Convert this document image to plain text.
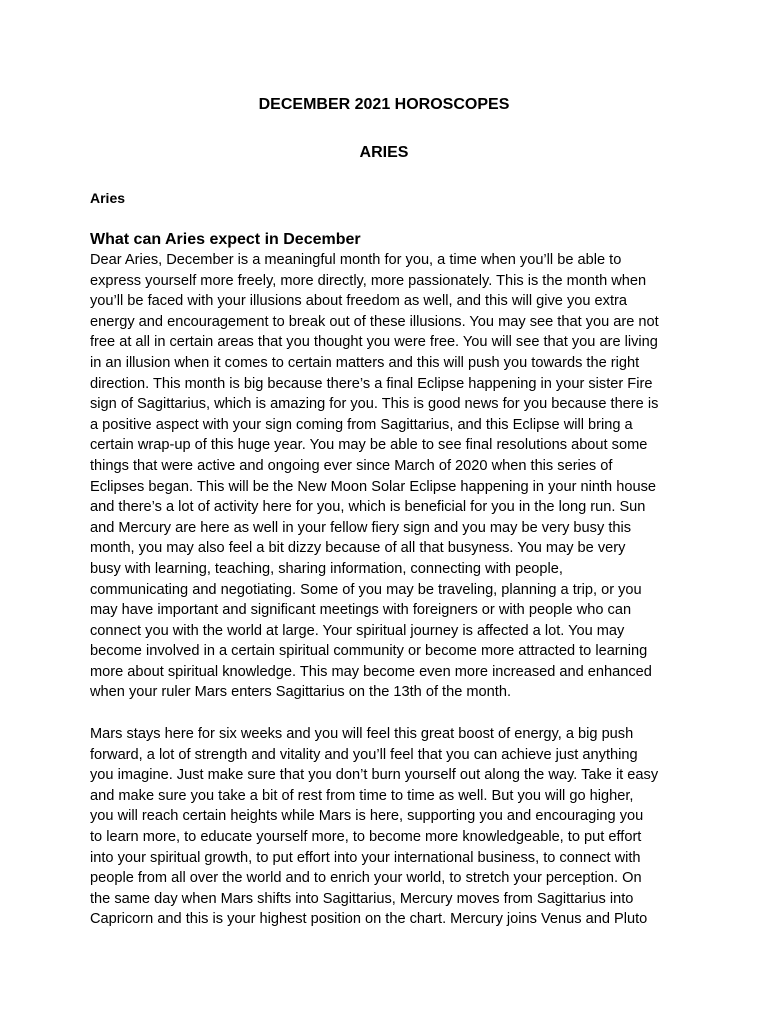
DECEMBER 2021 HOROSCOPES
ARIES
Aries
What can Aries expect in December
Dear Aries, December is a meaningful month for you, a time when you’ll be able to
express yourself more freely, more directly, more passionately. This is the month when
you’ll be faced with your illusions about freedom as well, and this will give you extra
energy and encouragement to break out of these illusions. You may see that you are not
free at all in certain areas that you thought you were free. You will see that you are living
in an illusion when it comes to certain matters and this will push you towards the right
direction. This month is big because there’s a final Eclipse happening in your sister Fire
sign of Sagittarius, which is amazing for you. This is good news for you because there is
a positive aspect with your sign coming from Sagittarius, and this Eclipse will bring a
certain wrap-up of this huge year. You may be able to see final resolutions about some
things that were active and ongoing ever since March of 2020 when this series of
Eclipses began. This will be the New Moon Solar Eclipse happening in your ninth house
and there’s a lot of activity here for you, which is beneficial for you in the long run. Sun
and Mercury are here as well in your fellow fiery sign and you may be very busy this
month, you may also feel a bit dizzy because of all that busyness. You may be very
busy with learning, teaching, sharing information, connecting with people,
communicating and negotiating. Some of you may be traveling, planning a trip, or you
may have important and significant meetings with foreigners or with people who can
connect you with the world at large. Your spiritual journey is affected a lot. You may
become involved in a certain spiritual community or become more attracted to learning
more about spiritual knowledge. This may become even more increased and enhanced
when your ruler Mars enters Sagittarius on the 13th of the month.
Mars stays here for six weeks and you will feel this great boost of energy, a big push
forward, a lot of strength and vitality and you’ll feel that you can achieve just anything
you imagine. Just make sure that you don’t burn yourself out along the way. Take it easy
and make sure you take a bit of rest from time to time as well. But you will go higher,
you will reach certain heights while Mars is here, supporting you and encouraging you
to learn more, to educate yourself more, to become more knowledgeable, to put effort
into your spiritual growth, to put effort into your international business, to connect with
people from all over the world and to enrich your world, to stretch your perception. On
the same day when Mars shifts into Sagittarius, Mercury moves from Sagittarius into
Capricorn and this is your highest position on the chart. Mercury joins Venus and Pluto
